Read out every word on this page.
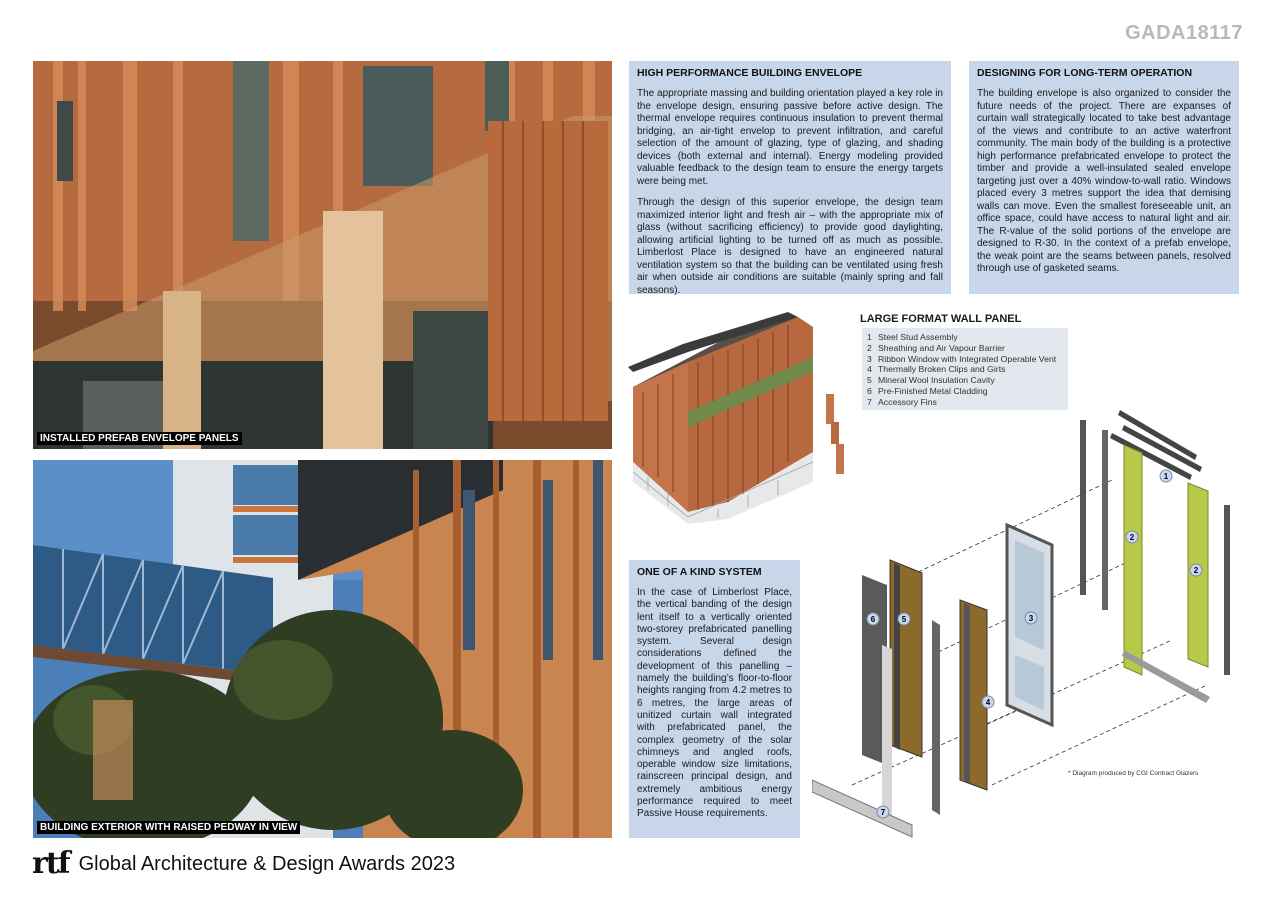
GADA18117
INSTALLED PREFAB ENVELOPE PANELS
BUILDING EXTERIOR WITH RAISED PEDWAY IN VIEW
HIGH PERFORMANCE BUILDING ENVELOPE

The appropriate massing and building orientation played a key role in the envelope design, ensuring passive before active design. The thermal envelope requires continuous insulation to prevent thermal bridging, an air-tight envelop to prevent infiltration, and careful selection of the amount of glazing, type of glazing, and shading devices (both external and internal). Energy modeling provided valuable feedback to the design team to ensure the energy targets were being met.

Through the design of this superior envelope, the design team maximized interior light and fresh air – with the appropriate mix of glass (without sacrificing efficiency) to provide good daylighting, allowing artificial lighting to be turned off as much as possible. Limberlost Place is designed to have an engineered natural ventilation system so that the building can be ventilated using fresh air when outside air conditions are suitable (mainly spring and fall seasons).

DESIGNING FOR LONG-TERM OPERATION

The building envelope is also organized to consider the future needs of the project. There are expanses of curtain wall strategically located to take best advantage of the views and contribute to an active waterfront community. The main body of the building is a protective high performance prefabricated envelope to protect the timber and provide a well-insulated sealed envelope targeting just over a 40% window-to-wall ratio. Windows placed every 3 metres support the idea that demising walls can move. Even the smallest foreseeable unit, an office space, could have access to natural light and air. The R-value of the solid portions of the envelope are designed to R-30. In the context of a prefab envelope, the weak point are the seams between panels, resolved through use of gasketed seams.

ONE OF A KIND SYSTEM

In the case of Limberlost Place, the vertical banding of the design lent itself to a vertically oriented two-storey prefabricated panelling system. Several design considerations defined the development of this panelling – namely the building’s floor-to-floor heights ranging from 4.2 metres to 6 metres, the large areas of unitized curtain wall integrated with prefabricated panel, the complex geometry of the solar chimneys and angled roofs, operable window size limitations, rainscreen principal design, and extremely ambitious energy performance required to meet Passive House requirements.

LARGE FORMAT WALL PANEL
1 Steel Stud Assembly
2 Sheathing and Air Vapour Barrier
3 Ribbon Window with Integrated Operable Vent
4 Thermally Broken Clips and Girts
5 Mineral Wool Insulation Cavity
6 Pre-Finished Metal Cladding
7 Accessory Fins
1
2
2
3
4
5
6
7
* Diagram produced by CGI Contract Glazers
rtf Global Architecture & Design Awards 2023
